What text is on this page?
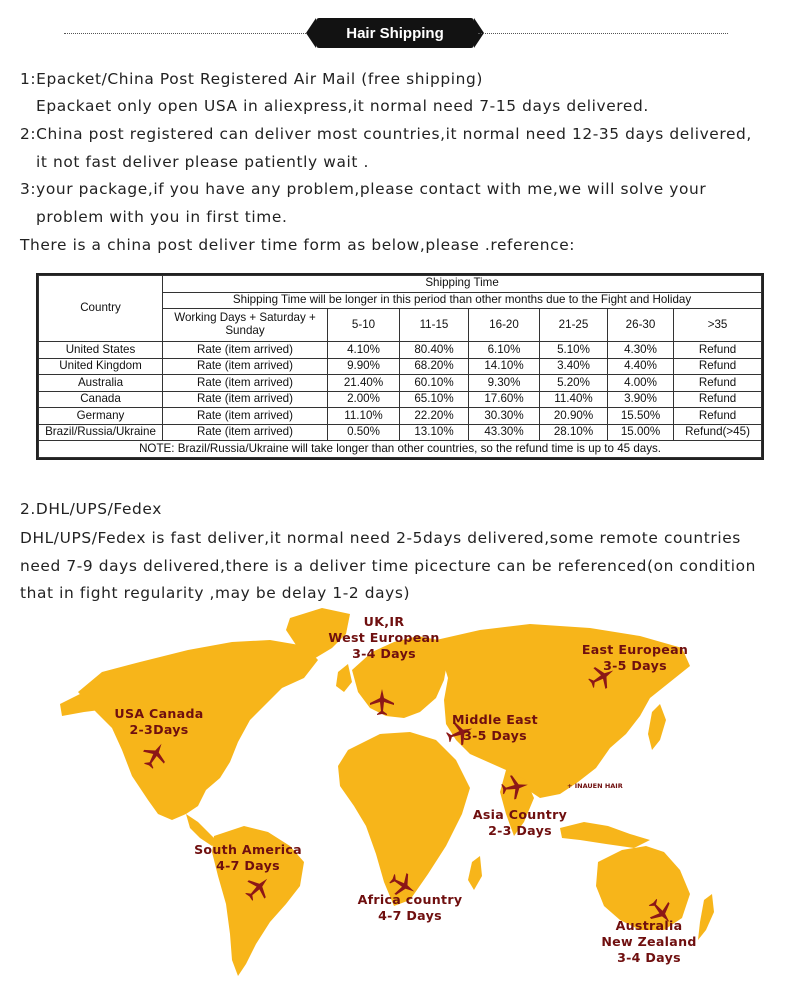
Hair Shipping
1:Epacket/China Post Registered Air Mail (free shipping)
Epackaet only open USA in aliexpress,it normal need 7-15 days delivered.
2:China post registered can deliver most countries,it normal need 12-35 days delivered,
it not fast deliver please patiently wait .
3:your package,if you have any problem,please contact with me,we will solve your
problem with you in first time.
There is a china post deliver time form as below,please .reference:
Country	Shipping Time						
	Shipping Time will be longer in this period than other months due to the Fight and Holiday						
	Working Days + Saturday + Sunday	5-10	11-15	16-20	21-25	26-30	>35
United States	Rate (item arrived)	4.10%	80.40%	6.10%	5.10%	4.30%	Refund
United Kingdom	Rate (item arrived)	9.90%	68.20%	14.10%	3.40%	4.40%	Refund
Australia	Rate (item arrived)	21.40%	60.10%	9.30%	5.20%	4.00%	Refund
Canada	Rate (item arrived)	2.00%	65.10%	17.60%	11.40%	3.90%	Refund
Germany	Rate (item arrived)	11.10%	22.20%	30.30%	20.90%	15.50%	Refund
Brazil/Russia/Ukraine	Rate (item arrived)	0.50%	13.10%	43.30%	28.10%	15.00%	Refund(>45)
NOTE: Brazil/Russia/Ukraine will take longer than other countries, so the refund time is up to 45 days.							
2.DHL/UPS/Fedex
DHL/UPS/Fedex is fast deliver,it normal need 2-5days delivered,some remote countries
need 7-9 days delivered,there is a deliver time picecture can be referenced(on condition
that in fight regularity ,may be delay 1-2 days)
UK,IR
West European
3-4 Days	East European
3-5 Days
USA Canada
2-3Days
Middle East
3-5 Days
Asia Country
2-3 Days
South America
4-7 Days
Africa country
4-7 Days
Australia
New Zealand
3-4 Days
+ INAUEN HAIR
